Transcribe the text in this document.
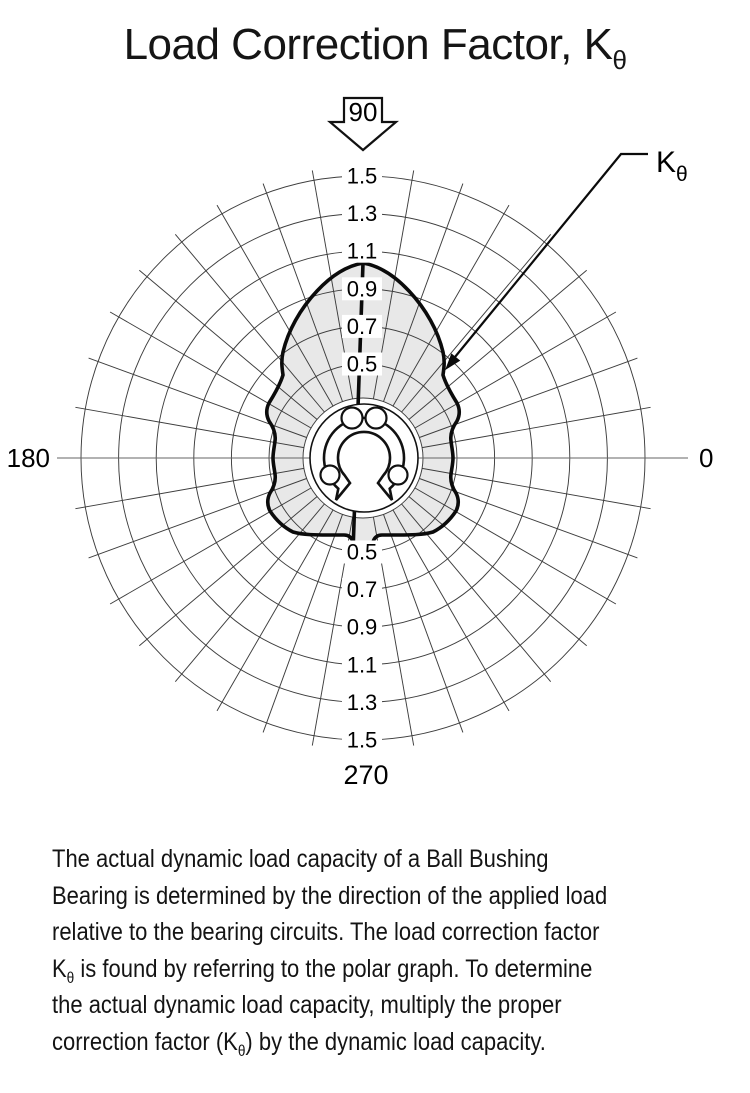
Load Correction Factor, $K_\theta$
0.5
0.5
0.7
0.7
0.9
0.9
1.1
1.1
1.3
1.3
1.5
1.5
180	0
270
90
$K_\theta$
The actual dynamic load capacity of a Ball Bushing
Bearing is determined by the direction of the applied load
relative to the bearing circuits. The load correction factor
$K_\theta$ is found by referring to the polar graph. To determine
the actual dynamic load capacity, multiply the proper
correction factor $(K_\theta)$ by the dynamic load capacity.
